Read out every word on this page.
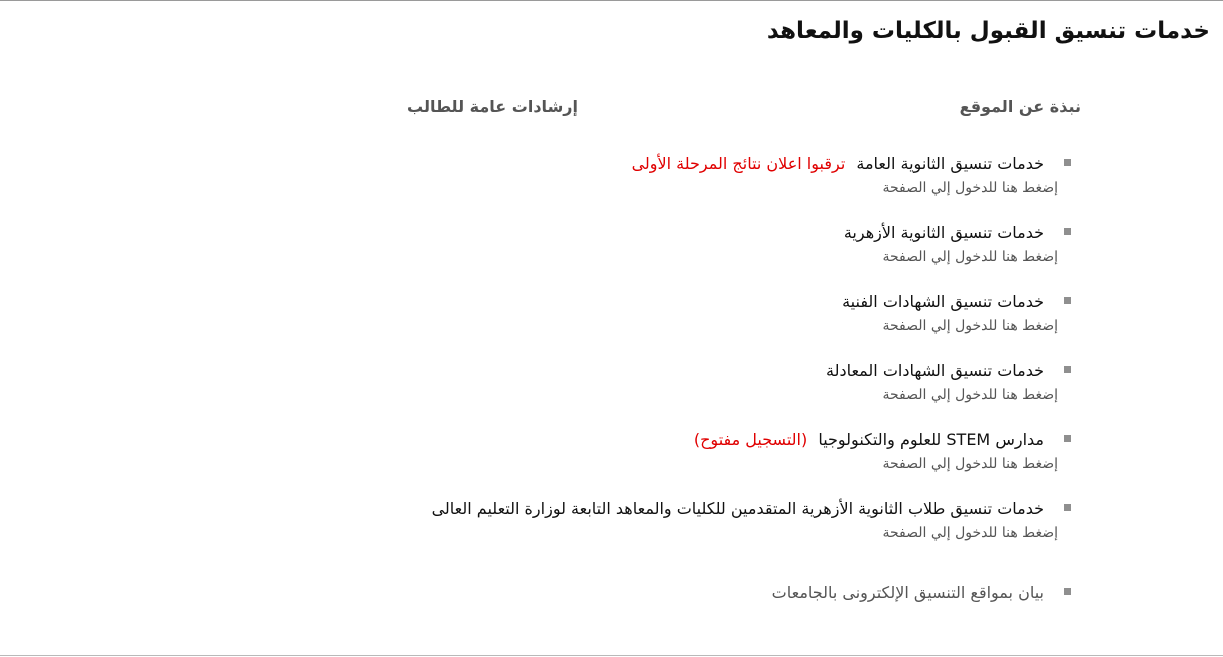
خدمات تنسيق القبول بالكليات والمعاهد
نبذة عن الموقع
إرشادات عامة للطالب
خدمات تنسيق الثانوية العامة ترقبوا اعلان نتائج المرحلة الأولى
إضغط هنا للدخول إلي الصفحة
خدمات تنسيق الثانوية الأزهرية
إضغط هنا للدخول إلي الصفحة
خدمات تنسيق الشهادات الفنية
إضغط هنا للدخول إلي الصفحة
خدمات تنسيق الشهادات المعادلة
إضغط هنا للدخول إلي الصفحة
مدارس STEM للعلوم والتكنولوجيا (التسجيل مفتوح)
إضغط هنا للدخول إلي الصفحة
خدمات تنسيق طلاب الثانوية الأزهرية المتقدمين للكليات والمعاهد التابعة لوزارة التعليم العالى
إضغط هنا للدخول إلي الصفحة
بيان بمواقع التنسيق الإلكترونى بالجامعات
